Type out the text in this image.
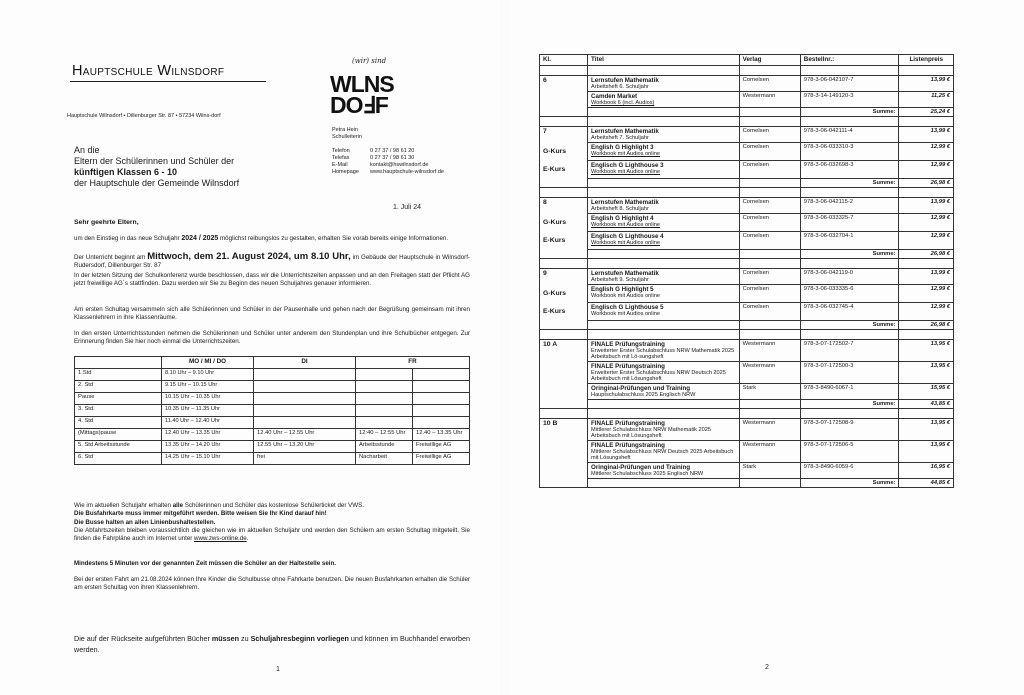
Hauptschule Wilnsdorf
Hauptschule Wilnsdorf • Dillenburger Str. 87 • 57234 Wilns-dorf
An die
Eltern der Schülerinnen und Schüler der
künftigen Klassen 6 - 10
der Hauptschule der Gemeinde Wilnsdorf
(wir) sind
WLNS
DOℲF
Petra Hein
Schulleiterin
Telefon	0 27 37 / 98 61 20
Telefax	0 27 37 / 98 61 30
E-Mail	kontakt@hswilnsdorf.de
Homepage	www.hauptschule-wilnsdorf.de
1. Juli 24
Sehr geehrte Eltern,
um den Einstieg in das neue Schuljahr 2024 / 2025 möglichst reibungslos zu gestalten, erhalten Sie vorab bereits einige Informationen.
Der Unterricht beginnt am Mittwoch, dem 21. August 2024, um 8.10 Uhr, im Gebäude der Hauptschule in Wilnsdorf-Rudersdorf, Dillenburger Str. 87
In der letzten Sitzung der Schulkonferenz wurde beschlossen, dass wir die Unterrichtszeiten anpassen und an den Freitagen statt der Pflicht AG jetzt freiwillige AG´s stattfinden. Dazu werden wir Sie zu Beginn des neuen Schuljahres genauer informieren.
Am ersten Schultag versammeln sich alle Schülerinnen und Schüler in der Pausenhalle und gehen nach der Begrüßung gemeinsam mit ihren Klassenlehrern in ihre Klassenräume.
In den ersten Unterrichtsstunden nehmen die Schülerinnen und Schüler unter anderem den Stundenplan und ihre Schulbücher entgegen. Zur Erinnerung finden Sie hier noch einmal die Unterrichtszeiten.
	MO / MI / DO	DI	FR	
1.Std	8.10 Uhr – 9.10 Uhr			
2. Std	9.15 Uhr – 10.15 Uhr			
Pause	10.15 Uhr – 10.35 Uhr			
3. Std.	10.35 Uhr – 11.35 Uhr			
4. Std	11.40 Uhr – 12.40 Uhr			
(Mittags)pause	12.40 Uhr – 13.35 Uhr	12.40 Uhr – 12.55 Uhr	12:40 – 12:55 Uhr	12.40 – 13.35 Uhr
5. Std Arbeitsstunde	13.35 Uhr – 14.20 Uhr	12.55 Uhr – 13.20 Uhr	Arbeitsstunde	Freiwillige AG
6. Std	14.25 Uhr – 15.10 Uhr	frei	Nacharbeit	Freiwillige AG
Wie im aktuellen Schuljahr erhalten alle Schülerinnen und Schüler das kostenlose Schülerticket der VWS.
Die Busfahrkarte muss immer mitgeführt werden. Bitte weisen Sie Ihr Kind darauf hin!
Die Busse halten an allen Linienbushaltestellen.
Die Abfahrtszeiten bleiben voraussichtlich die gleichen wie im aktuellen Schuljahr und werden den Schülern am ersten Schultag mitgeteilt. Sie finden die Fahrpläne auch im Internet unter www.zws-online.de.
Mindestens 5 Minuten vor der genannten Zeit müssen die Schüler an der Haltestelle sein.
Bei der ersten Fahrt am 21.08.2024 können Ihre Kinder die Schulbusse ohne Fahrkarte benutzen. Die neuen Busfahrkarten erhalten die Schüler am ersten Schultag von ihren Klassenlehrern.
Die auf der Rückseite aufgeführten Bücher müssen zu Schuljahresbeginn vorliegen und können im Buchhandel erworben werden.
1
Kl.	Titel	Verlag	Bestellnr.:	Listenpreis

6	Lernstufen Mathematik
Arbeitsheft 6. Schuljahr	Cornelsen	978-3-06-042107-7	13,99 €

	Camden Market
Workbook 6 (incl. Audios)	Westermann	978-3-14-149120-3	11,25 €
			Summe:	25,24 €

7	Lernstufen Mathematik
Arbeitsheft 7. Schuljahr	Cornelsen	978-3-06-042111-4	13,99 €

G-Kurs	English G Highlight 3
Workbook mit Audios online	Cornelsen	978-3-06-033310-3	12,99 €

E-Kurs	Englisch G Lighthouse 3
Workbook mit Audios online	Cornelsen	978-3-06-032698-3	12,99 €
			Summe:	26,98 €

8	Lernstufen Mathematik
Arbeitsheft 8. Schuljahr	Cornelsen	978-3-06-042115-2	13,99 €

G-Kurs	English G Highlight 4
Workbook mit Audios online	Cornelsen	978-3-06-033325-7	12,99 €

E-Kurs	Englisch G Lighthouse 4
Workbook mit Audios online	Cornelsen	978-3-06-032704-1	12,99 €
			Summe:	26,98 €

9	Lernstufen Mathematik
Arbeitsheft 9. Schuljahr	Cornelsen	978-3-06-042119-0	13,99 €

G-Kurs	English G Highlight 5
Workbook mit Audios online	Cornelsen	978-3-06-033335-6	12,99 €

E-Kurs	Englisch G Lighthouse 5
Workbook mit Audios online	Cornelsen	978-3-06-032745-4	12,99 €
			Summe:	26,98 €

10 A	FINALE Prüfungstraining
Erweiterter Erster Schulabschluss NRW Mathematik 2025 Arbeitsbuch mit Lö-sungsheft	Westermann	978-3-07-172502-7	13,95 €

	FINALE Prüfungstraining
Erweiterter Erster Schulabschluss NRW Deutsch 2025 Arbeitsbuch mit Lösungsheft	Westermann	978-3-07-172500-3	13,95 €

	Oringinal-Prüfungen und Training
Hauptschulabschluss 2025 Englisch NRW	Stark	978-3-8490-6067-1	15,95 €
			Summe:	43,85 €

10 B	FINALE Prüfungstraining
Mittlerer Schulabschluss NRW Mathematik 2025 Arbeitsbuch mit Lösungsheft	Westermann	978-3-07-172508-9	13,95 €

	FINALE Prüfungstraining
Mittlerer Schulabschluss NRW Deutsch 2025 Arbeitsbuch mit Lösungsheft	Westermann	978-3-07-172506-5	13,95 €

	Oringinal-Prüfungen und Training
Mittlerer Schulabschluss 2025 Englisch NRW	Stark	978-3-8490-6059-6	16,95 €
			Summe:	44,85 €
2
